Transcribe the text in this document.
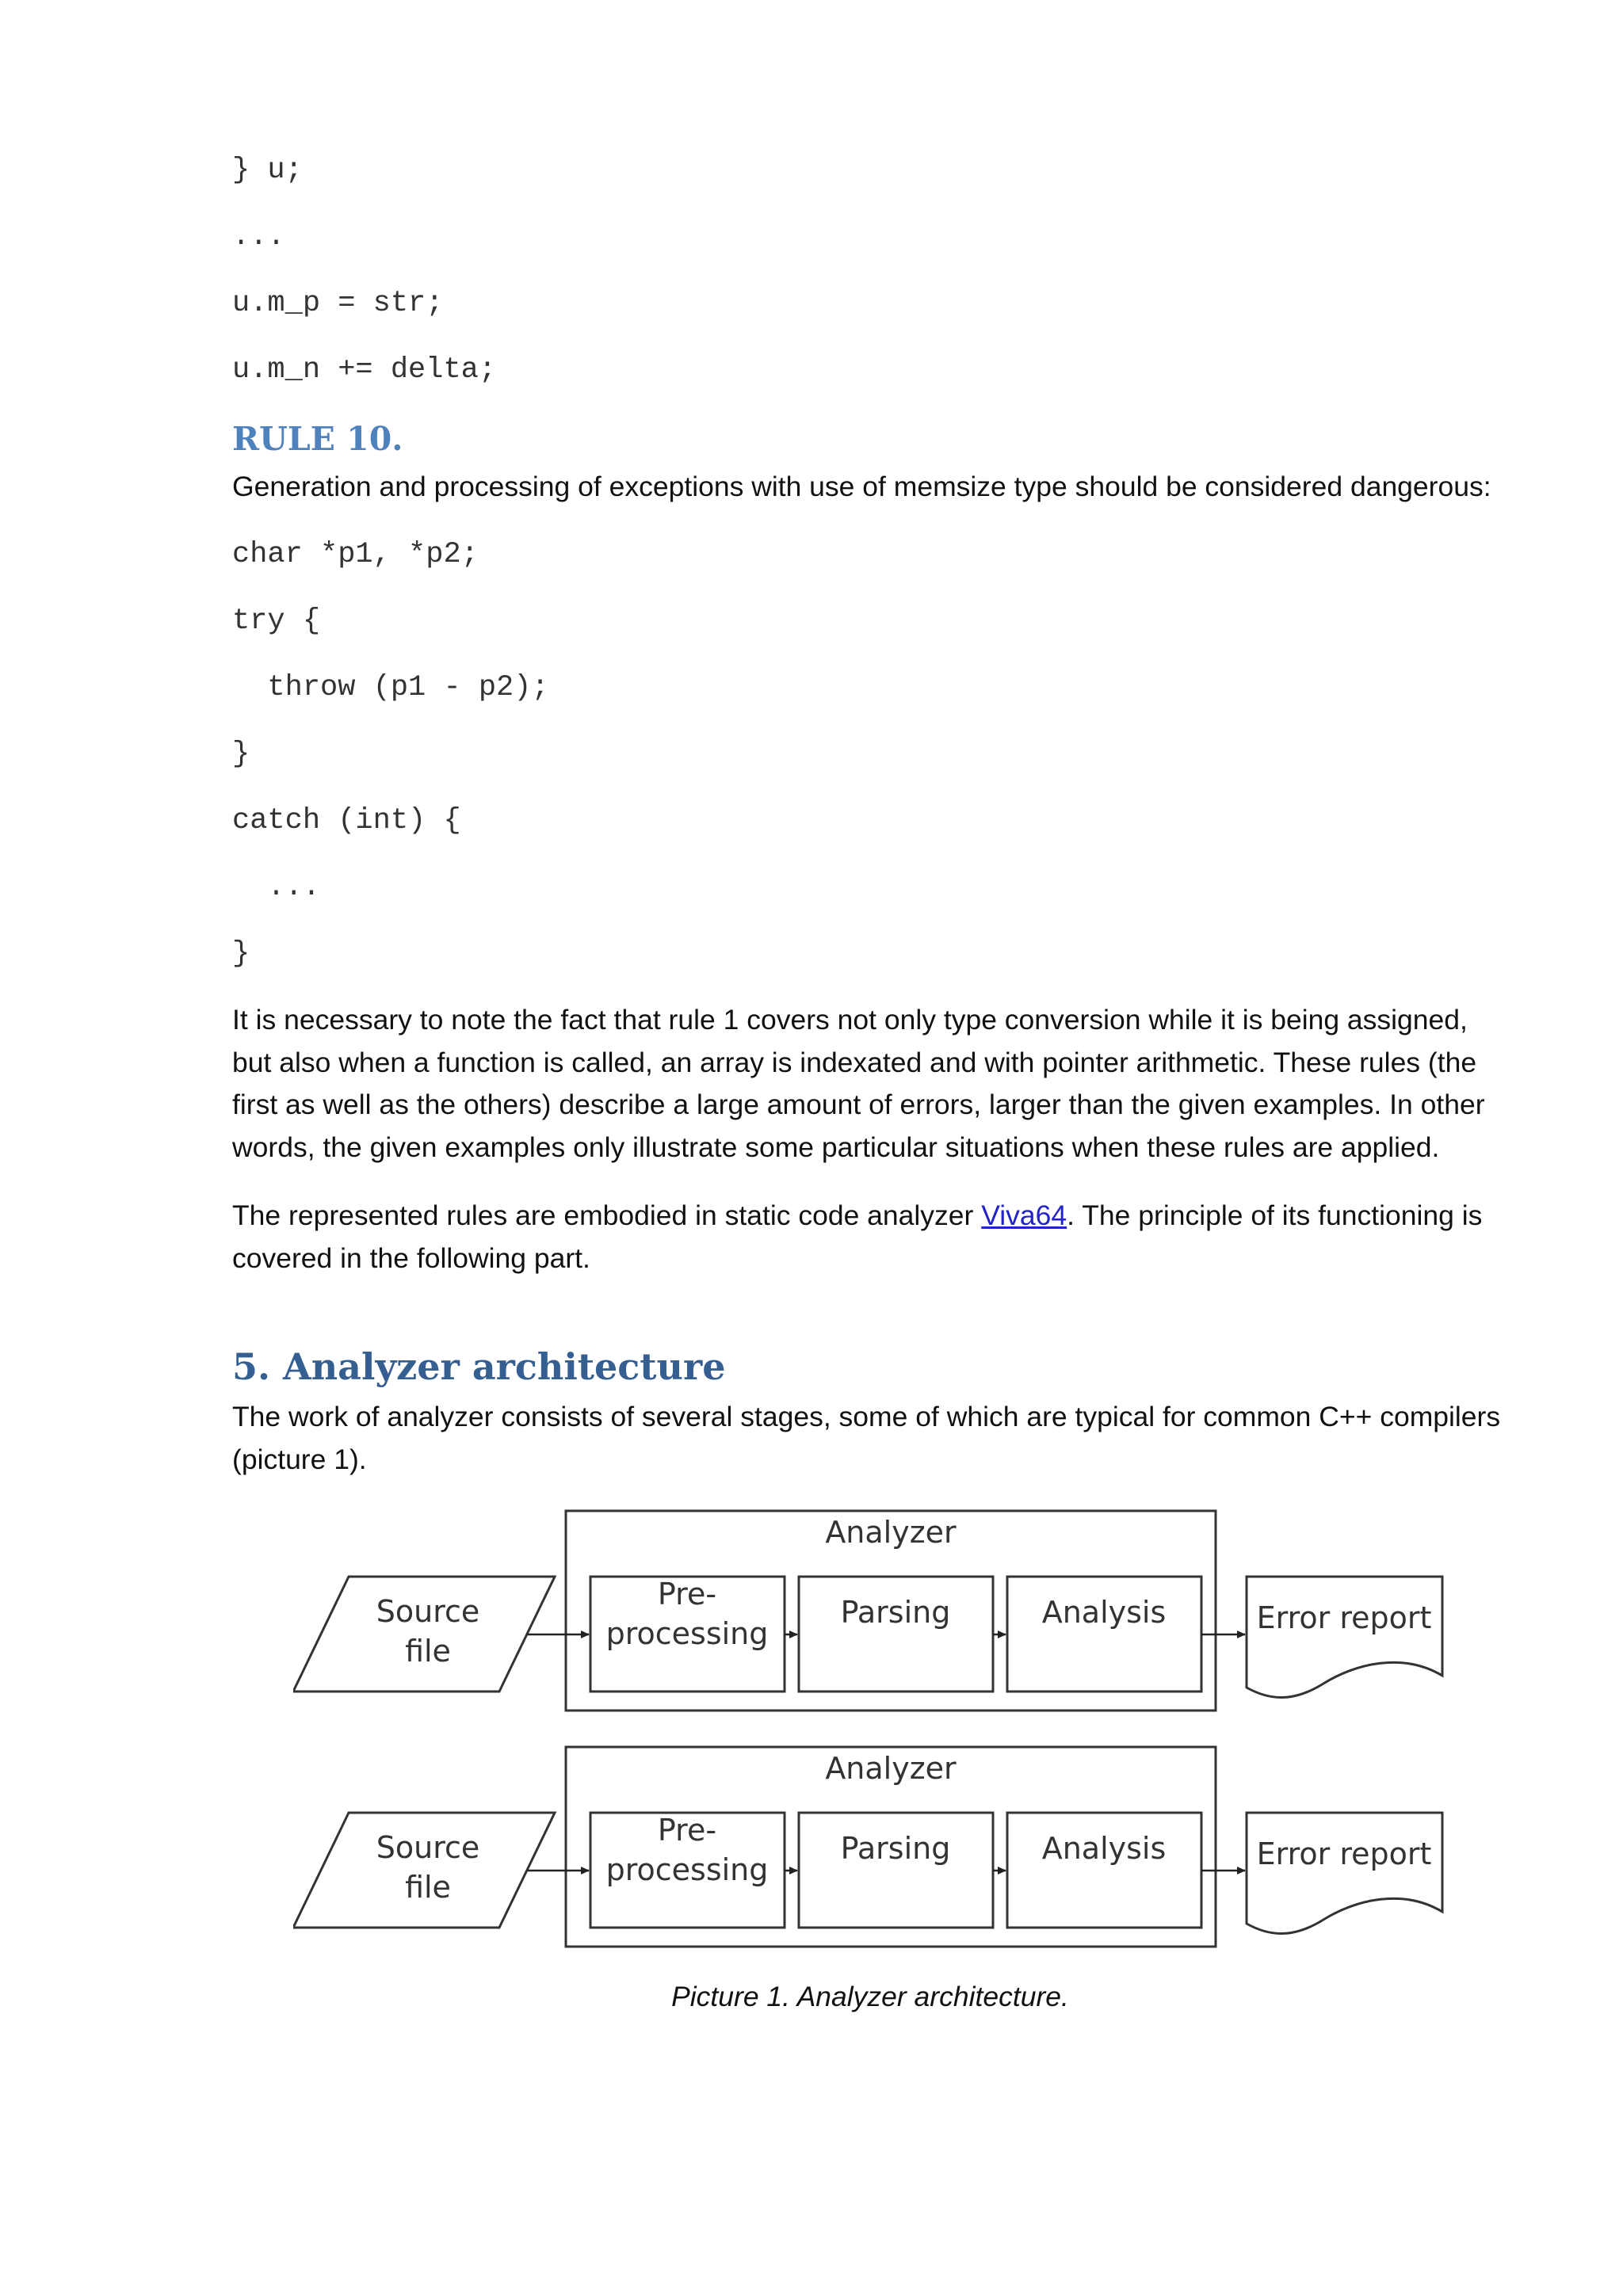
} u;
...
u.m_p = str;
u.m_n += delta;
RULE 10.
Generation and processing of exceptions with use of memsize type should be considered dangerous:
char *p1, *p2;
try {
throw (p1 - p2);
}
catch (int) {
...
}
It is necessary to note the fact that rule 1 covers not only type conversion while it is being assigned, but also when a function is called, an array is indexated and with pointer arithmetic. These rules (the first as well as the others) describe a large amount of errors, larger than the given examples. In other words, the given examples only illustrate some particular situations when these rules are applied.
The represented rules are embodied in static code analyzer Viva64. The principle of its functioning is covered in the following part.
5. Analyzer architecture
The work of analyzer consists of several stages, some of which are typical for common C++ compilers (picture 1).
Analyzer
Source
file
Pre-
processing
Parsing	Analysis	Error report
Analyzer
Source
file
Pre-
processing
Parsing	Analysis	Error report
Picture 1. Analyzer architecture.
